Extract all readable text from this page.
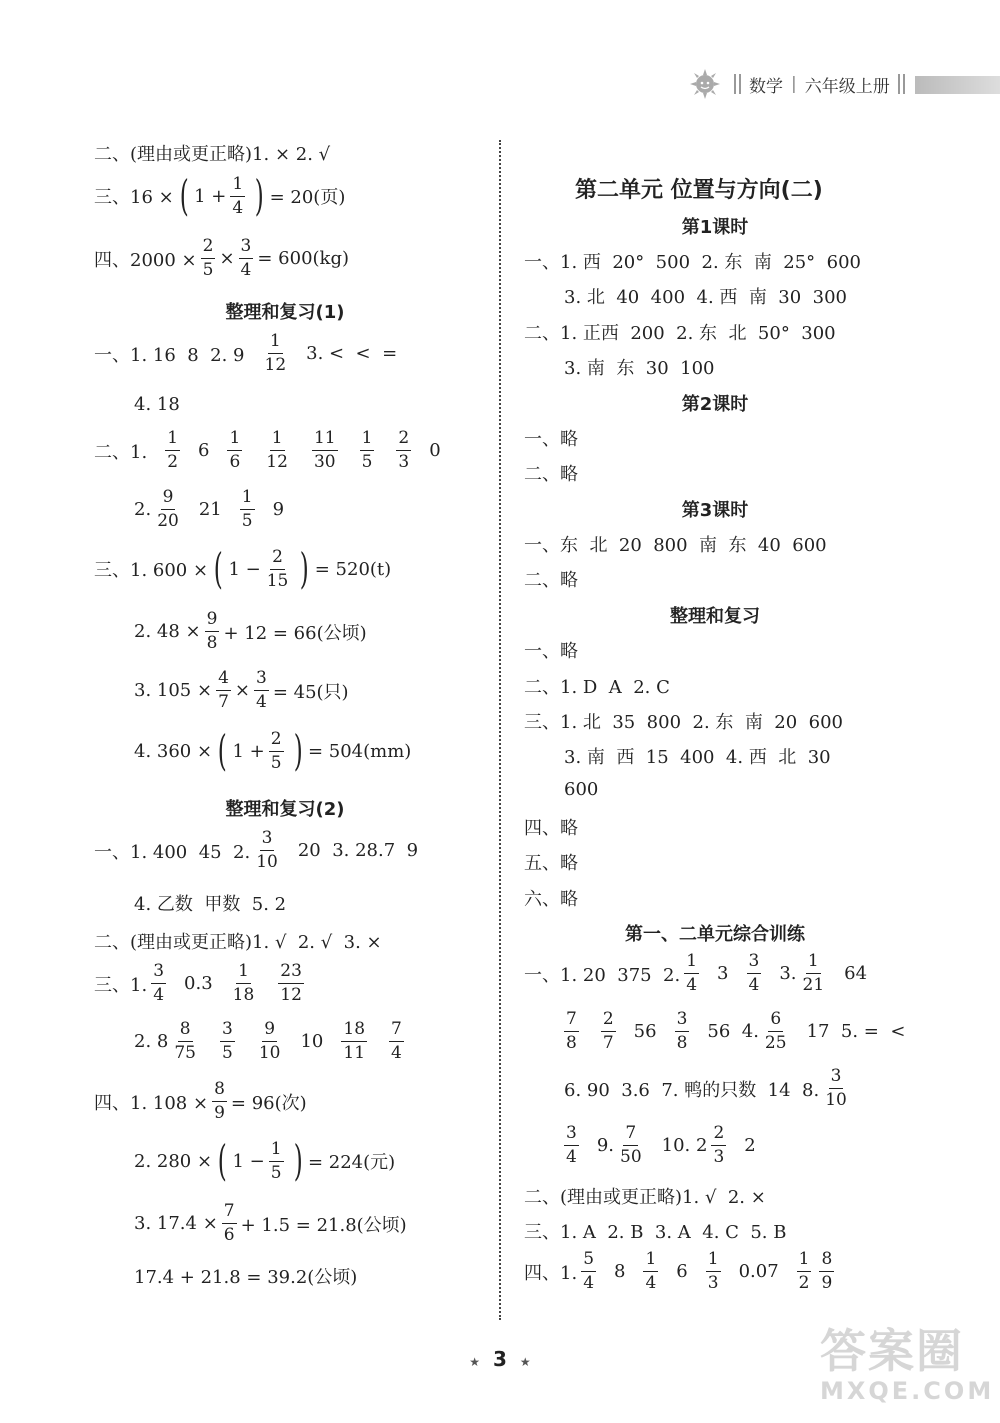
数学 | 六年级上册
二、(理由或更正略)1. × 2. √
三、16 × ( $1 + \frac{1}{4}$ ) = 20(页)
四、$2000 \times \frac{2}{5} \times \frac{3}{4} = 600(kg)$
整理和复习(1)
一、1. 16  8  2. $9 \frac{1}{12} 3$. <  <  =
4. 18
二、1. $\frac{1}{2} 6 \frac{1}{6} \frac{1}{12} \frac{11}{30} \frac{1}{5} \frac{2}{3} 0$
2. $\frac{9}{20} 21 \frac{1}{5} 9$
三、1. 600 × ( $1 - \frac{2}{15}$ ) = 520(t)
2. $48 \times \frac{9}{8} + 12 = 66$(公顷)
3. $105 \times \frac{4}{7} \times \frac{3}{4} = 45$(只)
4. 360 × ( $1 + \frac{2}{5}$ ) = 504(mm)
整理和复习(2)
一、1. 400  45  2. $\frac{3}{10} 20$  3. 28.7  9
4. 乙数  甲数  5. 2
二、(理由或更正略)1. √  2. √  3. ×
三、1. $\frac{3}{4} 0.3 \frac{1}{18} \frac{23}{12}$
2. $8 \frac{8}{75} \frac{3}{5} \frac{9}{10} 10 \frac{18}{11} \frac{7}{4}$
四、1. $108 \times \frac{8}{9} = 96$(次)
2. 280 × ( $1 - \frac{1}{5}$ ) = 224(元)
3. $17.4 \times \frac{7}{6} + 1.5 = 21.8$(公顷)
17.4 + 21.8 = 39.2(公顷)
第二单元 位置与方向(二)
第1课时
一、1. 西  20°  500  2. 东  南  25°  600
3. 北  40  400  4. 西  南  30  300
二、1. 正西  200  2. 东  北  50°  300
3. 南  东  30  100
第2课时
一、略
二、略
第3课时
一、东  北  20  800  南  东  40  600
二、略
整理和复习
一、略
二、1. D  A  2. C
三、1. 北  35  800  2. 东  南  20  600
3. 南  西  15  400  4. 西  北  30
600
四、略
五、略
六、略
第一、二单元综合训练
一、1. 20  375  2. $\frac{1}{4} 3 \frac{3}{4} 3$. $\frac{1}{21} 64$
$\frac{7}{8} \frac{2}{7} 56 \frac{3}{8} 56$  4. $\frac{6}{25} 17$  5. =  <
6. 90  3.6  7. 鸭的只数  14  8. $\frac{3}{10}$
$\frac{3}{4} 9$. $\frac{7}{50} 10$. $2 \frac{2}{3} 2$
二、(理由或更正略)1. √  2. ×
三、1. A  2. B  3. A  4. C  5. B
四、1. $\frac{5}{4} 8 \frac{1}{4} 6 \frac{1}{3} 0.07 \frac{1}{2} \frac{8}{9}$
★ 3 ★	答案圈
MXQE.COM
